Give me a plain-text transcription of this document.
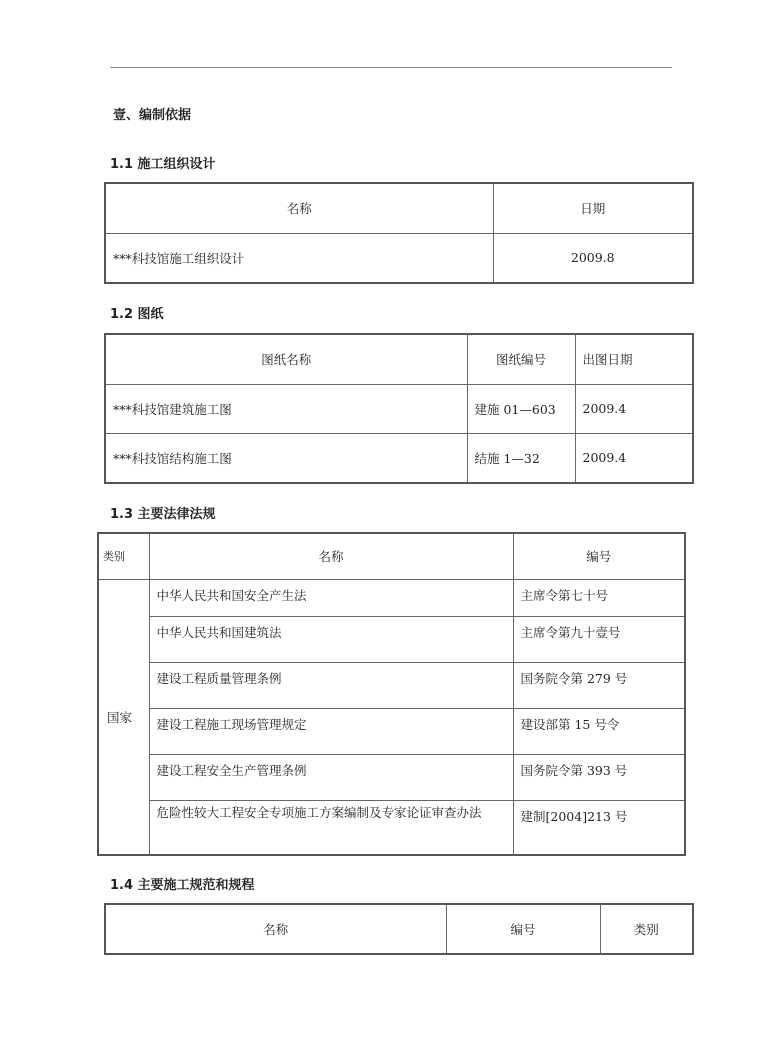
壹、编制依据
1.1 施工组织设计
名称	日期
***科技馆施工组织设计	2009.8
1.2 图纸
图纸名称	图纸编号	出图日期
***科技馆建筑施工图	建施 01—603	2009.4
***科技馆结构施工图	结施 1—32	2009.4
1.3 主要法律法规
类别	名称	编号
国家	中华人民共和国安全产生法	主席令第七十号
	中华人民共和国建筑法	主席令第九十壹号
	建设工程质量管理条例	国务院令第 279 号
	建设工程施工现场管理规定	建设部第 15 号令
	建设工程安全生产管理条例	国务院令第 393 号
	危险性较大工程安全专项施工方案编制及专家论证审查办法	建制[2004]213 号
1.4 主要施工规范和规程
名称	编号	类别
